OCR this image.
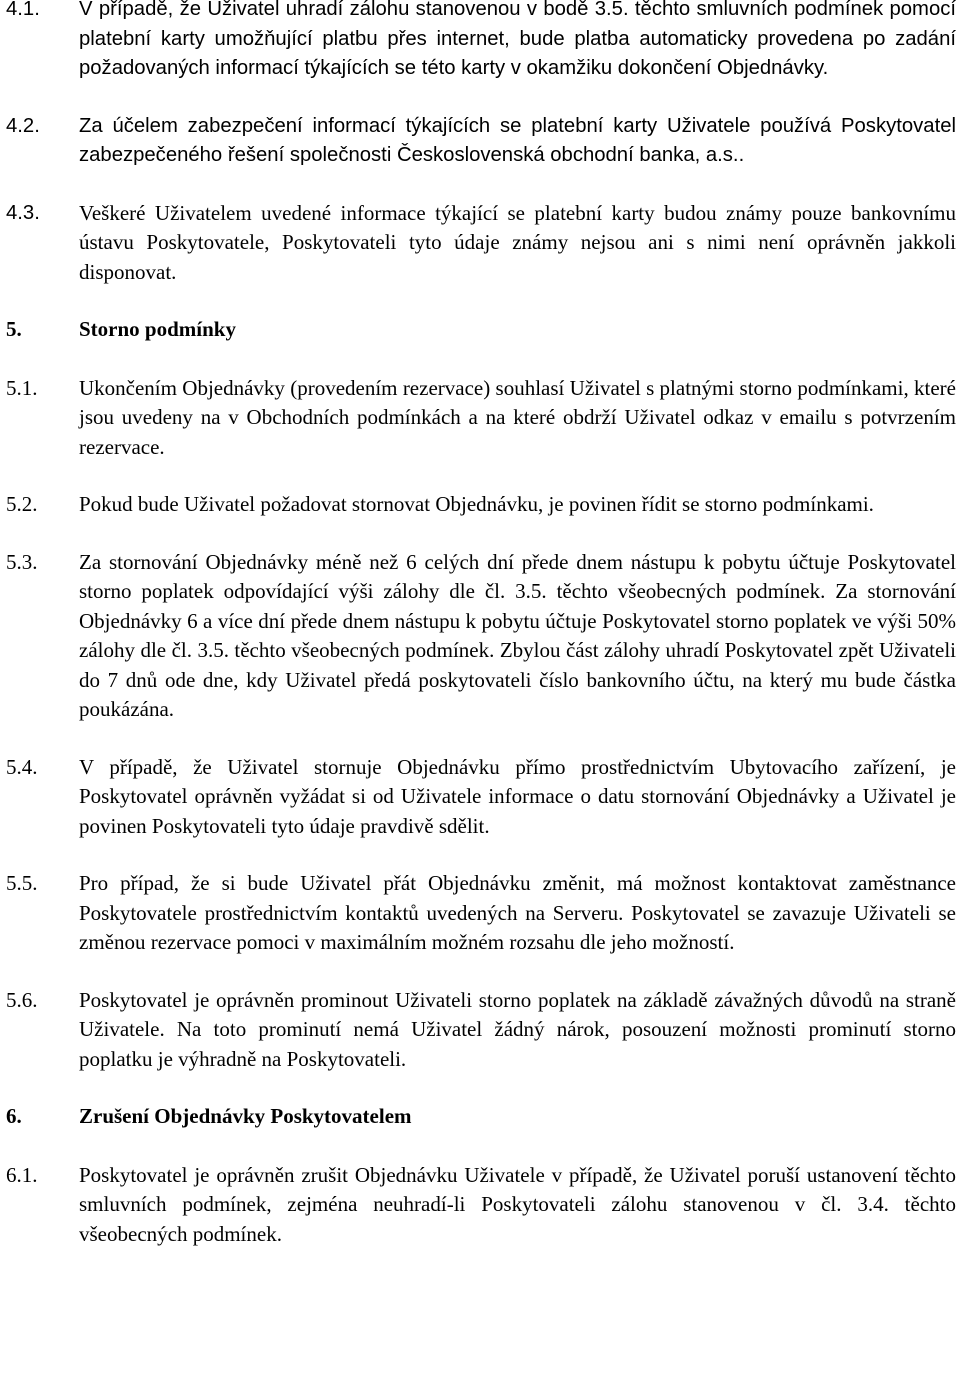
4.1.	V případě, že Uživatel uhradí zálohu stanovenou v bodě 3.5. těchto smluvních podmínek pomocí platební karty umožňující platbu přes internet, bude platba automaticky provedena po zadání požadovaných informací týkajících se této karty v okamžiku dokončení Objednávky.
4.2.	Za účelem zabezpečení informací týkajících se platební karty Uživatele používá Poskytovatel zabezpečeného řešení společnosti Československá obchodní banka, a.s..
4.3.	Veškeré Uživatelem uvedené informace týkající se platební karty budou známy pouze bankovnímu ústavu Poskytovatele, Poskytovateli tyto údaje známy nejsou ani s nimi není oprávněn jakkoli disponovat.
5.	Storno podmínky
5.1.	Ukončením Objednávky (provedením rezervace) souhlasí Uživatel s platnými storno podmínkami, které jsou uvedeny na v Obchodních podmínkách a na které obdrží Uživatel odkaz v emailu s potvrzením rezervace.
5.2.	Pokud bude Uživatel požadovat stornovat Objednávku, je povinen řídit se storno podmínkami.
5.3.	Za stornování Objednávky méně než 6 celých dní přede dnem nástupu k pobytu účtuje Poskytovatel storno poplatek odpovídající výši zálohy dle čl. 3.5. těchto všeobecných podmínek. Za stornování Objednávky 6 a více dní přede dnem nástupu k pobytu účtuje Poskytovatel storno poplatek ve výši 50% zálohy dle čl. 3.5. těchto všeobecných podmínek. Zbylou část zálohy uhradí Poskytovatel zpět Uživateli do 7 dnů ode dne, kdy Uživatel předá poskytovateli číslo bankovního účtu, na který mu bude částka poukázána.
5.4.	V případě, že Uživatel stornuje Objednávku přímo prostřednictvím Ubytovacího zařízení, je Poskytovatel oprávněn vyžádat si od Uživatele informace o datu stornování Objednávky a Uživatel je povinen Poskytovateli tyto údaje pravdivě sdělit.
5.5.	Pro případ, že si bude Uživatel přát Objednávku změnit, má možnost kontaktovat zaměstnance Poskytovatele prostřednictvím kontaktů uvedených na Serveru. Poskytovatel se zavazuje Uživateli se změnou rezervace pomoci v maximálním možném rozsahu dle jeho možností.
5.6.	Poskytovatel je oprávněn prominout Uživateli storno poplatek na základě závažných důvodů na straně Uživatele. Na toto prominutí nemá Uživatel žádný nárok, posouzení možnosti prominutí storno poplatku je výhradně na Poskytovateli.
6.	Zrušení Objednávky Poskytovatelem
6.1.	Poskytovatel je oprávněn zrušit Objednávku Uživatele v případě, že Uživatel poruší ustanovení těchto smluvních podmínek, zejména neuhradí-li Poskytovateli zálohu stanovenou v čl. 3.4. těchto všeobecných podmínek.
